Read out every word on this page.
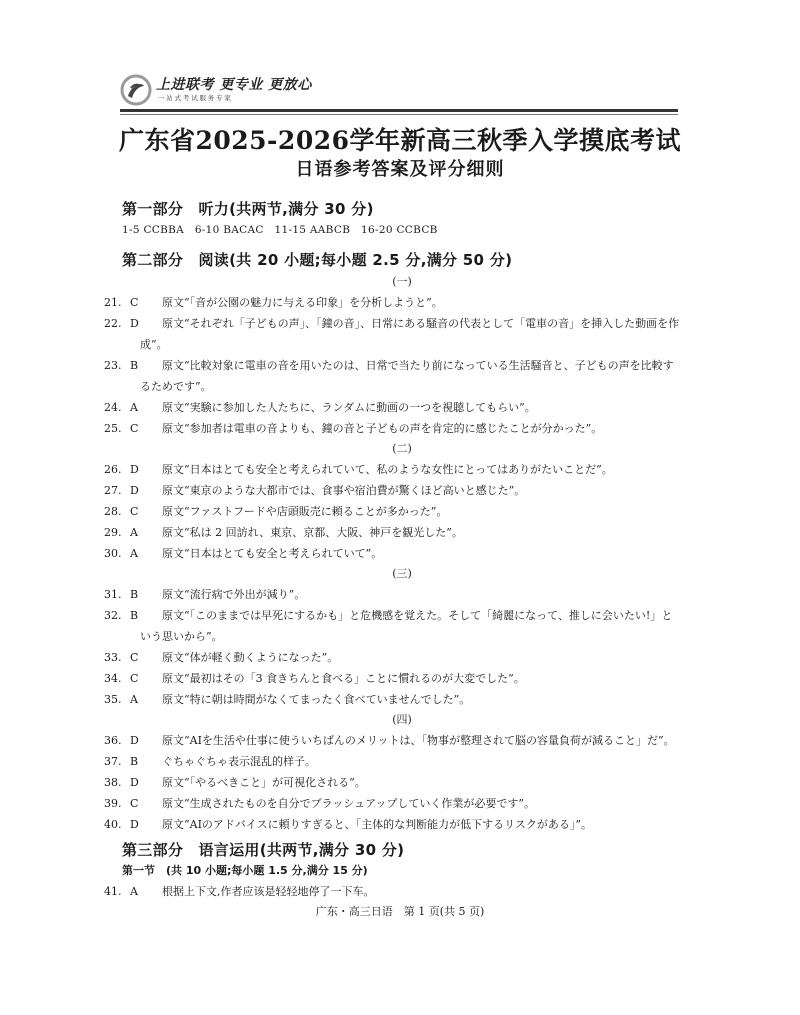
上进联考 更专业 更放心
一站式考试服务专家
广东省2025-2026学年新高三秋季入学摸底考试
日语参考答案及评分细则
第一部分　听力(共两节,满分 30 分)
1-5 CCBBA　6-10 BACAC　11-15 AABCB　16-20 CCBCB
第二部分　阅读(共 20 小题;每小题 2.5 分,满分 50 分)
(一)
21. C 原文“「音が公園の魅力に与える印象」を分析しようと”。
22. D 原文“それぞれ「子どもの声」、「鐘の音」、日常にある騒音の代表として「電車の音」を挿入した動画を作成”。
23. B 原文“比較対象に電車の音を用いたのは、日常で当たり前になっている生活騒音と、子どもの声を比較するためです”。
24. A 原文“実験に参加した人たちに、ランダムに動画の一つを視聴してもらい”。
25. C 原文“参加者は電車の音よりも、鐘の音と子どもの声を肯定的に感じたことが分かった”。
(二)
26. D 原文“日本はとても安全と考えられていて、私のような女性にとってはありがたいことだ”。
27. D 原文“東京のような大都市では、食事や宿泊費が驚くほど高いと感じた”。
28. C 原文“ファストフードや店頭販売に頼ることが多かった”。
29. A 原文“私は 2 回訪れ、東京、京都、大阪、神戸を観光した”。
30. A 原文“日本はとても安全と考えられていて”。
(三)
31. B 原文“流行病で外出が減り”。
32. B 原文“「このままでは早死にするかも」と危機感を覚えた。そして「綺麗になって、推しに会いたい!」という思いから”。
33. C 原文“体が軽く動くようになった”。
34. C 原文“最初はその「3 食きちんと食べる」ことに慣れるのが大変でした”。
35. A 原文“特に朝は時間がなくてまったく食べていませんでした”。
(四)
36. D 原文“AIを生活や仕事に使ういちばんのメリットは、「物事が整理されて脳の容量負荷が減ること」だ”。
37. B ぐちゃぐちゃ表示混乱的样子。
38. D 原文“「やるべきこと」が可視化される”。
39. C 原文“生成されたものを自分でブラッシュアップしていく作業が必要です”。
40. D 原文“AIのアドバイスに頼りすぎると、「主体的な判断能力が低下するリスクがある」”。
第三部分　语言运用(共两节,满分 30 分)
第一节　(共 10 小题;每小题 1.5 分,满分 15 分)
41. A 根据上下文,作者应该是轻轻地停了一下车。
广东・高三日语　第 1 页(共 5 页)
